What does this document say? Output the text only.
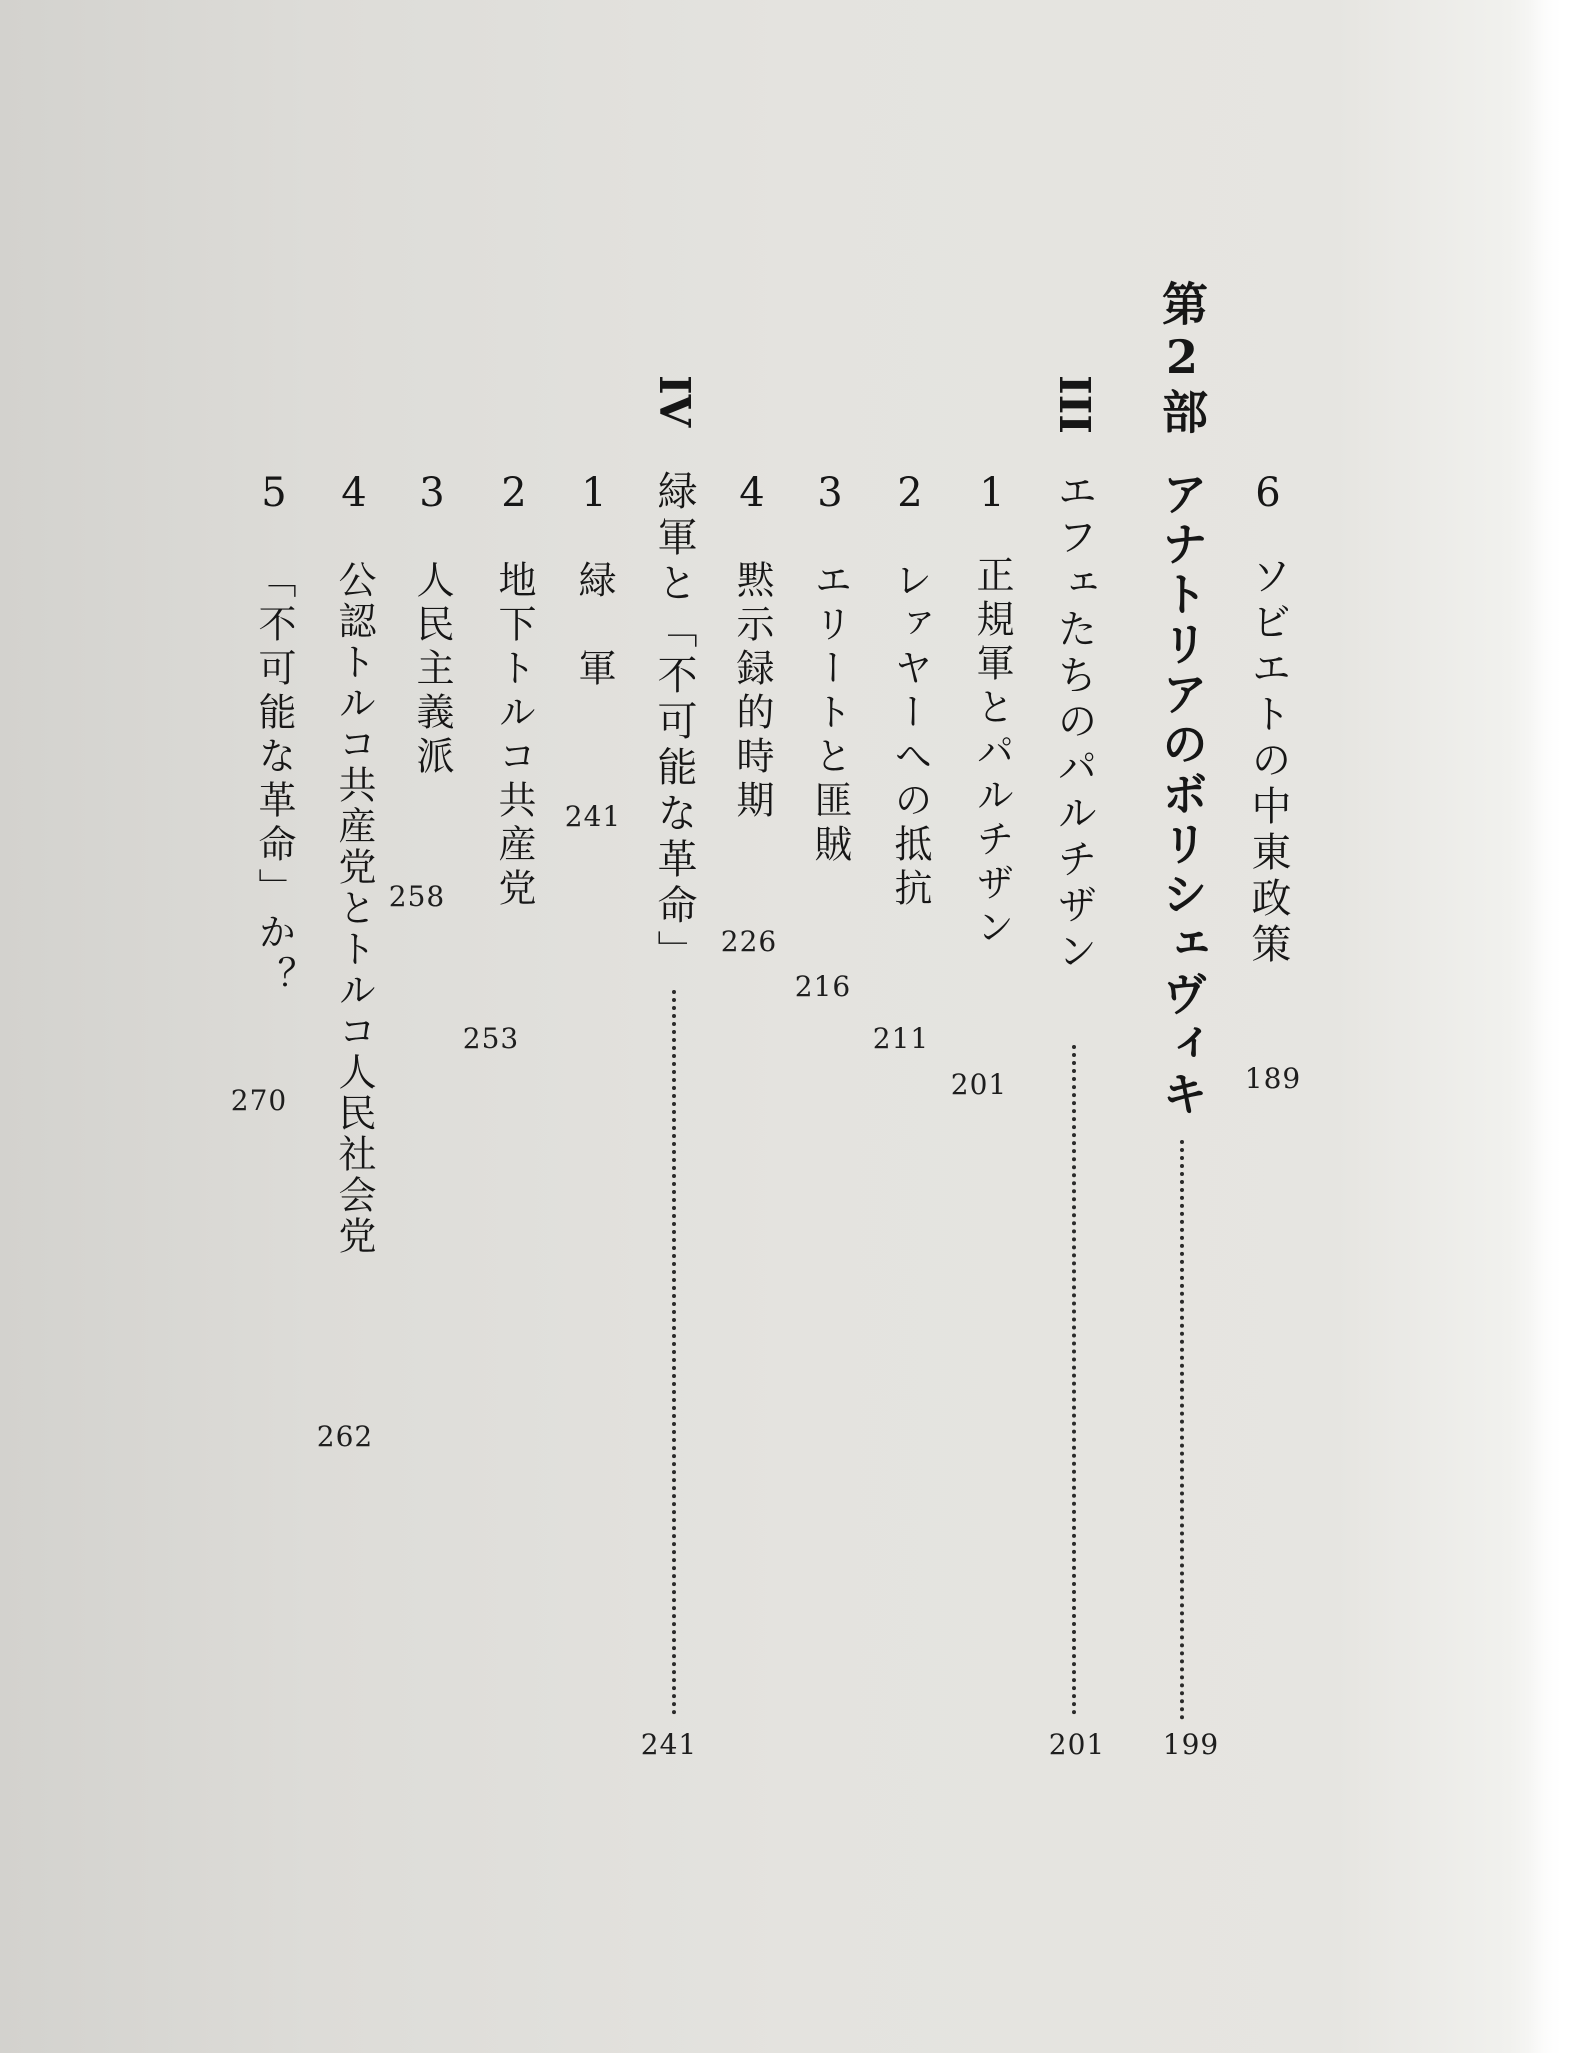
6
ソビエトの中東政策
189
第2部
アナトリアのボリシェヴィキ
199
III
エフェたちのパルチザン
201
1
正規軍とパルチザン
201
2
レァヤーへの抵抗
211
3
エリートと匪賊
216
4
黙示録的時期
226
IV
緑軍と「不可能な革命」
241
1
緑　軍
241
2
地下トルコ共産党
253
3
人民主義派
258
4
公認トルコ共産党とトルコ人民社会党
262
5
「不可能な革命」か？
270
